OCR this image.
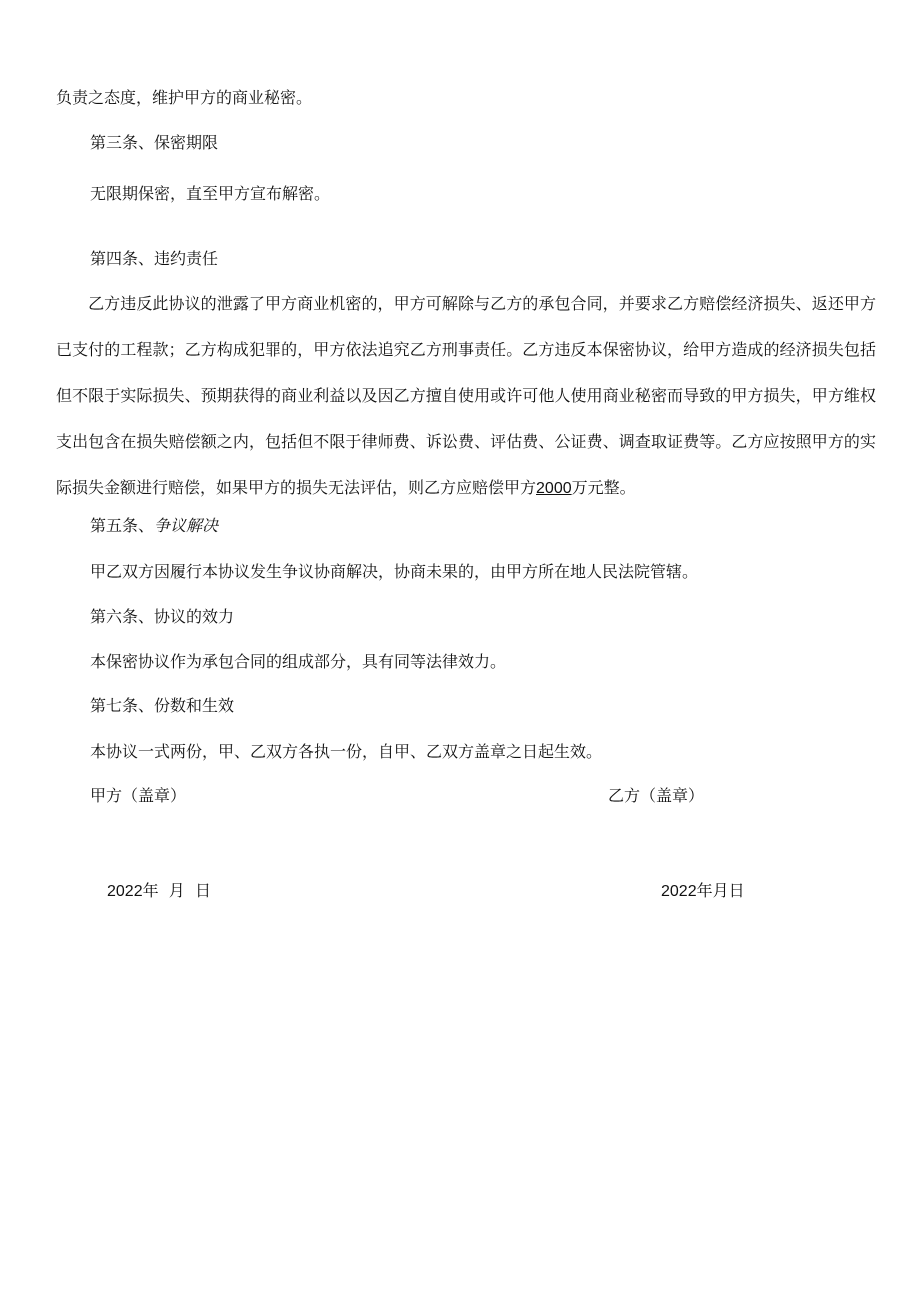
负责之态度，维护甲方的商业秘密。
第三条、保密期限
无限期保密，直至甲方宣布解密。
第四条、违约责任
乙方违反此协议的泄露了甲方商业机密的，甲方可解除与乙方的承包合同，并要求乙方赔偿经济损失、返还甲方已支付的工程款；乙方构成犯罪的，甲方依法追究乙方刑事责任。乙方违反本保密协议，给甲方造成的经济损失包括但不限于实际损失、预期获得的商业利益以及因乙方擅自使用或许可他人使用商业秘密而导致的甲方损失，甲方维权支出包含在损失赔偿额之内，包括但不限于律师费、诉讼费、评估费、公证费、调查取证费等。乙方应按照甲方的实际损失金额进行赔偿，如果甲方的损失无法评估，则乙方应赔偿甲方2000万元整。
第五条、争议解决
甲乙双方因履行本协议发生争议协商解决，协商未果的，由甲方所在地人民法院管辖。
第六条、协议的效力
本保密协议作为承包合同的组成部分，具有同等法律效力。
第七条、份数和生效
本协议一式两份，甲、乙双方各执一份，自甲、乙双方盖章之日起生效。
甲方（盖章）	乙方（盖章）
2022年  月  日	2022年月日
